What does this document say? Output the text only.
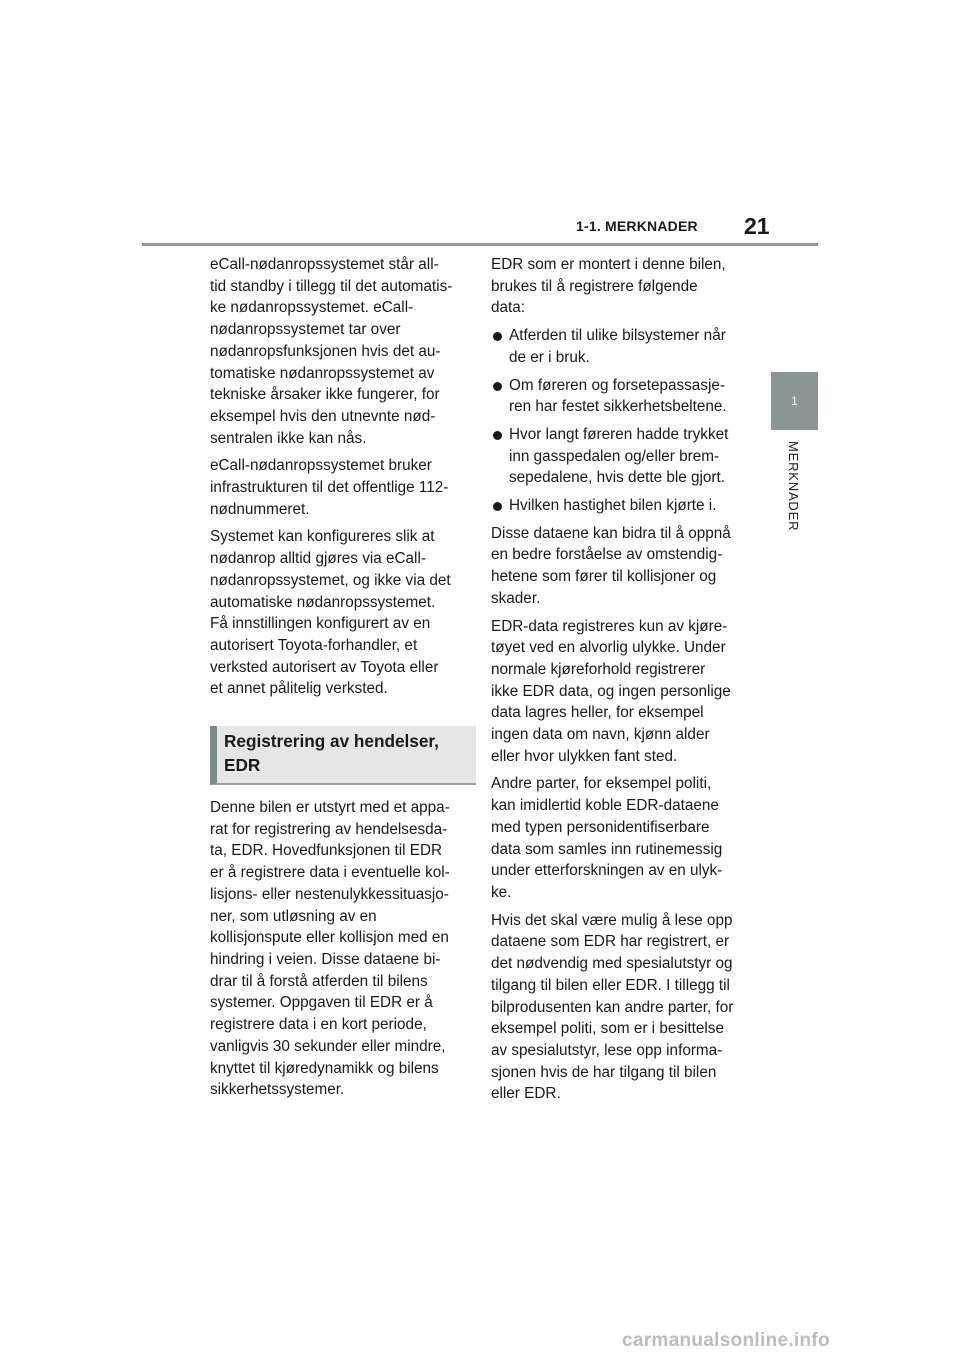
1-1. MERKNADER 21
1
MERKNADER

eCall-nødanropssystemet står all-
tid standby i tillegg til det automatis-
ke nødanropssystemet. eCall-
nødanropssystemet tar over
nødanropsfunksjonen hvis det au-
tomatiske nødanropssystemet av
tekniske årsaker ikke fungerer, for
eksempel hvis den utnevnte nød-
sentralen ikke kan nås.

eCall-nødanropssystemet bruker
infrastrukturen til det offentlige 112-
nødnummeret.

Systemet kan konfigureres slik at
nødanrop alltid gjøres via eCall-
nødanropssystemet, og ikke via det
automatiske nødanropssystemet.
Få innstillingen konfigurert av en
autorisert Toyota-forhandler, et
verksted autorisert av Toyota eller
et annet pålitelig verksted.

Registrering av hendelser,
EDR

Denne bilen er utstyrt med et appa-
rat for registrering av hendelsesda-
ta, EDR. Hovedfunksjonen til EDR
er å registrere data i eventuelle kol-
lisjons- eller nestenulykkessituasjo-
ner, som utløsning av en
kollisjonspute eller kollisjon med en
hindring i veien. Disse dataene bi-
drar til å forstå atferden til bilens
systemer. Oppgaven til EDR er å
registrere data i en kort periode,
vanligvis 30 sekunder eller mindre,
knyttet til kjøredynamikk og bilens
sikkerhetssystemer.

EDR som er montert i denne bilen,
brukes til å registrere følgende
data:

Atferden til ulike bilsystemer når
de er i bruk.
Om føreren og forsetepassasje-
ren har festet sikkerhetsbeltene.
Hvor langt føreren hadde trykket
inn gasspedalen og/eller brem-
sepedalene, hvis dette ble gjort.
Hvilken hastighet bilen kjørte i.

Disse dataene kan bidra til å oppnå
en bedre forståelse av omstendig-
hetene som fører til kollisjoner og
skader.

EDR-data registreres kun av kjøre-
tøyet ved en alvorlig ulykke. Under
normale kjøreforhold registrerer
ikke EDR data, og ingen personlige
data lagres heller, for eksempel
ingen data om navn, kjønn alder
eller hvor ulykken fant sted.

Andre parter, for eksempel politi,
kan imidlertid koble EDR-dataene
med typen personidentifiserbare
data som samles inn rutinemessig
under etterforskningen av en ulyk-
ke.

Hvis det skal være mulig å lese opp
dataene som EDR har registrert, er
det nødvendig med spesialutstyr og
tilgang til bilen eller EDR. I tillegg til
bilprodusenten kan andre parter, for
eksempel politi, som er i besittelse
av spesialutstyr, lese opp informa-
sjonen hvis de har tilgang til bilen
eller EDR.

carmanualsonline.info
